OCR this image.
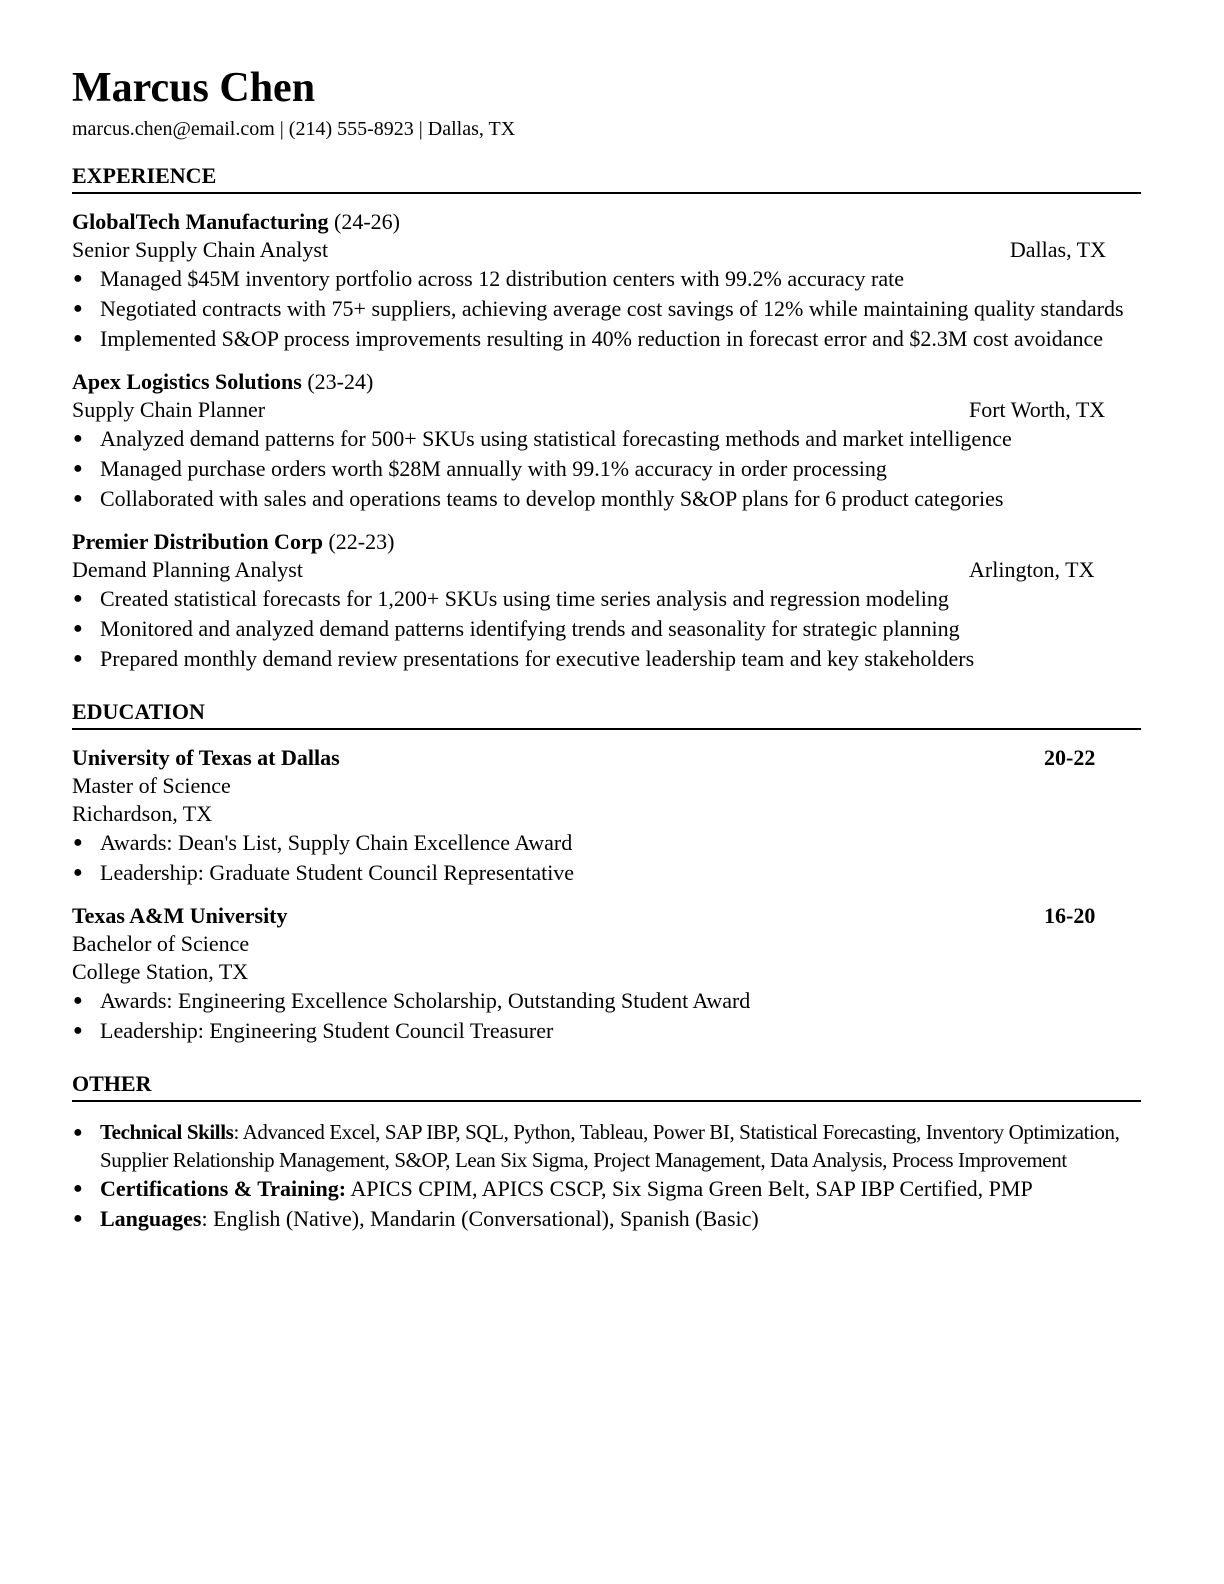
Marcus Chen
marcus.chen@email.com | (214) 555-8923 | Dallas, TX
EXPERIENCE
GlobalTech Manufacturing (24-26)
Senior Supply Chain Analyst	Dallas, TX
● Managed $45M inventory portfolio across 12 distribution centers with 99.2% accuracy rate
● Negotiated contracts with 75+ suppliers, achieving average cost savings of 12% while maintaining quality standards
● Implemented S&OP process improvements resulting in 40% reduction in forecast error and $2.3M cost avoidance
Apex Logistics Solutions (23-24)
Supply Chain Planner	Fort Worth, TX
● Analyzed demand patterns for 500+ SKUs using statistical forecasting methods and market intelligence
● Managed purchase orders worth $28M annually with 99.1% accuracy in order processing
● Collaborated with sales and operations teams to develop monthly S&OP plans for 6 product categories
Premier Distribution Corp (22-23)
Demand Planning Analyst	Arlington, TX
● Created statistical forecasts for 1,200+ SKUs using time series analysis and regression modeling
● Monitored and analyzed demand patterns identifying trends and seasonality for strategic planning
● Prepared monthly demand review presentations for executive leadership team and key stakeholders
EDUCATION
University of Texas at Dallas	20-22
Master of Science
Richardson, TX
● Awards: Dean's List, Supply Chain Excellence Award
● Leadership: Graduate Student Council Representative
Texas A&M University	16-20
Bachelor of Science
College Station, TX
● Awards: Engineering Excellence Scholarship, Outstanding Student Award
● Leadership: Engineering Student Council Treasurer
OTHER
● Technical Skills: Advanced Excel, SAP IBP, SQL, Python, Tableau, Power BI, Statistical Forecasting, Inventory Optimization, Supplier Relationship Management, S&OP, Lean Six Sigma, Project Management, Data Analysis, Process Improvement
● Certifications & Training: APICS CPIM, APICS CSCP, Six Sigma Green Belt, SAP IBP Certified, PMP
● Languages: English (Native), Mandarin (Conversational), Spanish (Basic)
